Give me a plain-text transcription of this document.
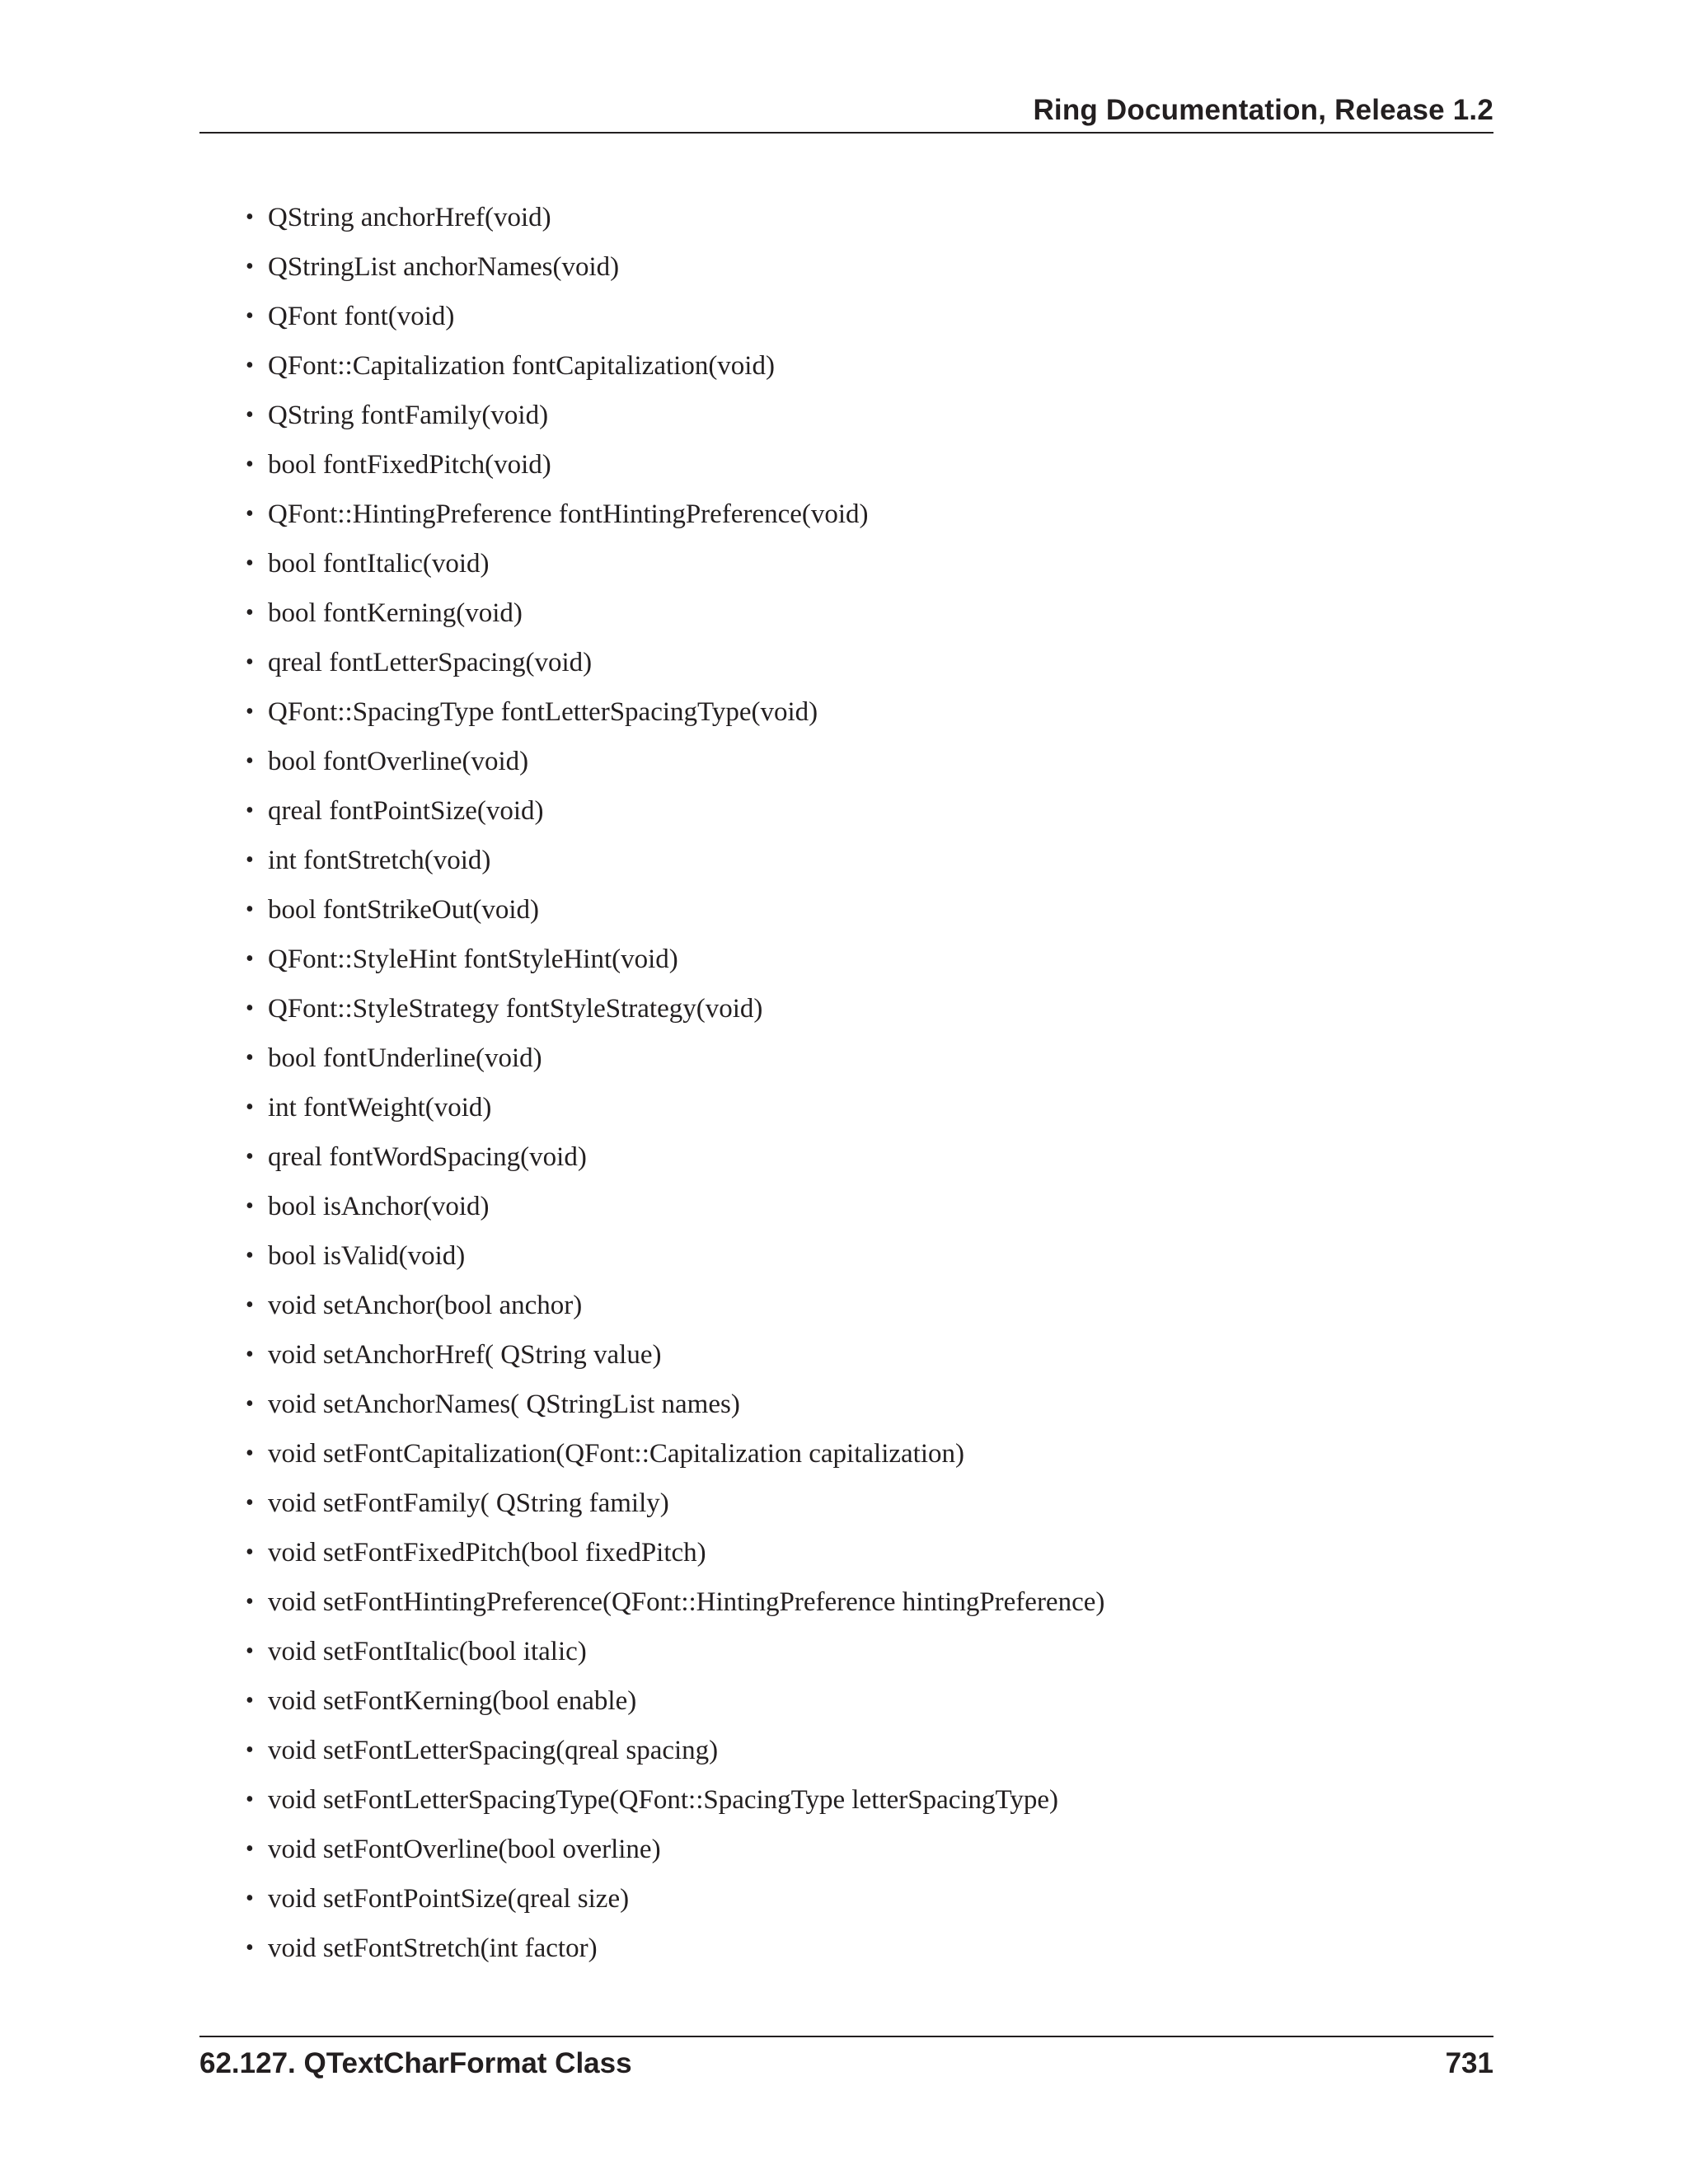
Ring Documentation, Release 1.2
• QString anchorHref(void)
• QStringList anchorNames(void)
• QFont font(void)
• QFont::Capitalization fontCapitalization(void)
• QString fontFamily(void)
• bool fontFixedPitch(void)
• QFont::HintingPreference fontHintingPreference(void)
• bool fontItalic(void)
• bool fontKerning(void)
• qreal fontLetterSpacing(void)
• QFont::SpacingType fontLetterSpacingType(void)
• bool fontOverline(void)
• qreal fontPointSize(void)
• int fontStretch(void)
• bool fontStrikeOut(void)
• QFont::StyleHint fontStyleHint(void)
• QFont::StyleStrategy fontStyleStrategy(void)
• bool fontUnderline(void)
• int fontWeight(void)
• qreal fontWordSpacing(void)
• bool isAnchor(void)
• bool isValid(void)
• void setAnchor(bool anchor)
• void setAnchorHref( QString value)
• void setAnchorNames( QStringList names)
• void setFontCapitalization(QFont::Capitalization capitalization)
• void setFontFamily( QString family)
• void setFontFixedPitch(bool fixedPitch)
• void setFontHintingPreference(QFont::HintingPreference hintingPreference)
• void setFontItalic(bool italic)
• void setFontKerning(bool enable)
• void setFontLetterSpacing(qreal spacing)
• void setFontLetterSpacingType(QFont::SpacingType letterSpacingType)
• void setFontOverline(bool overline)
• void setFontPointSize(qreal size)
• void setFontStretch(int factor)
62.127. QTextCharFormat Class	731
